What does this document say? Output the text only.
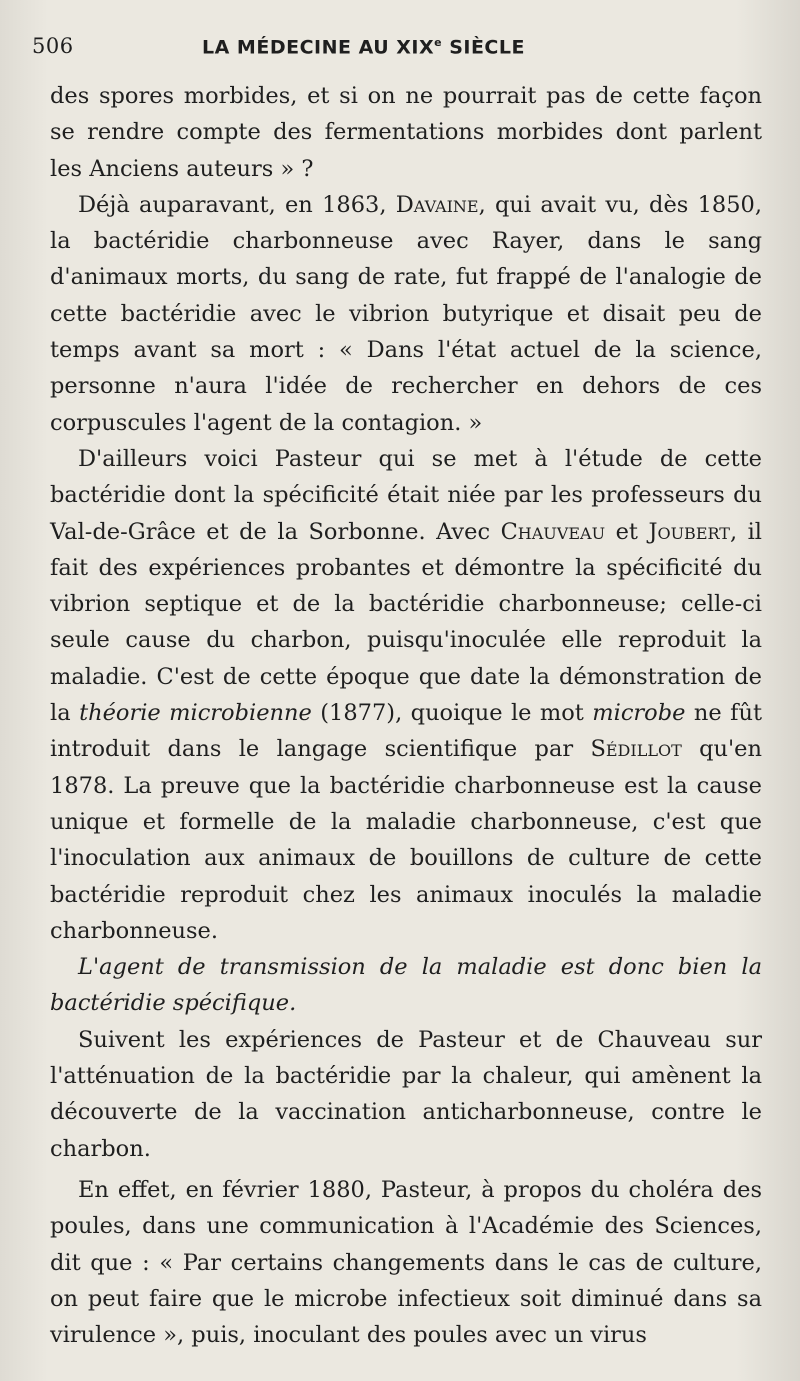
506	LA MÉDECINE AU XIXe SIÈCLE

des spores morbides, et si on ne pourrait pas de cette façon se rendre compte des fermentations morbides dont parlent les Anciens auteurs » ?

Déjà auparavant, en 1863, Davaine, qui avait vu, dès 1850, la bactéridie charbonneuse avec Rayer, dans le sang d'animaux morts, du sang de rate, fut frappé de l'analogie de cette bactéridie avec le vibrion butyrique et disait peu de temps avant sa mort : « Dans l'état actuel de la science, personne n'aura l'idée de rechercher en dehors de ces corpuscules l'agent de la contagion. »

D'ailleurs voici Pasteur qui se met à l'étude de cette bactéridie dont la spécificité était niée par les professeurs du Val-de-Grâce et de la Sorbonne. Avec Chauveau et Joubert, il fait des expériences probantes et démontre la spécificité du vibrion septique et de la bactéridie charbonneuse; celle-ci seule cause du charbon, puisqu'inoculée elle reproduit la maladie. C'est de cette époque que date la démonstration de la théorie microbienne (1877), quoique le mot microbe ne fût introduit dans le langage scientifique par Sédillot qu'en 1878. La preuve que la bactéridie charbonneuse est la cause unique et formelle de la maladie charbonneuse, c'est que l'inoculation aux animaux de bouillons de culture de cette bactéridie reproduit chez les animaux inoculés la maladie charbonneuse.

L'agent de transmission de la maladie est donc bien la bactéridie spécifique.

Suivent les expériences de Pasteur et de Chauveau sur l'atténuation de la bactéridie par la chaleur, qui amènent la découverte de la vaccination anticharbonneuse, contre le charbon.

En effet, en février 1880, Pasteur, à propos du choléra des poules, dans une communication à l'Académie des Sciences, dit que : « Par certains changements dans le cas de culture, on peut faire que le microbe infectieux soit diminué dans sa virulence », puis, inoculant des poules avec un virus
